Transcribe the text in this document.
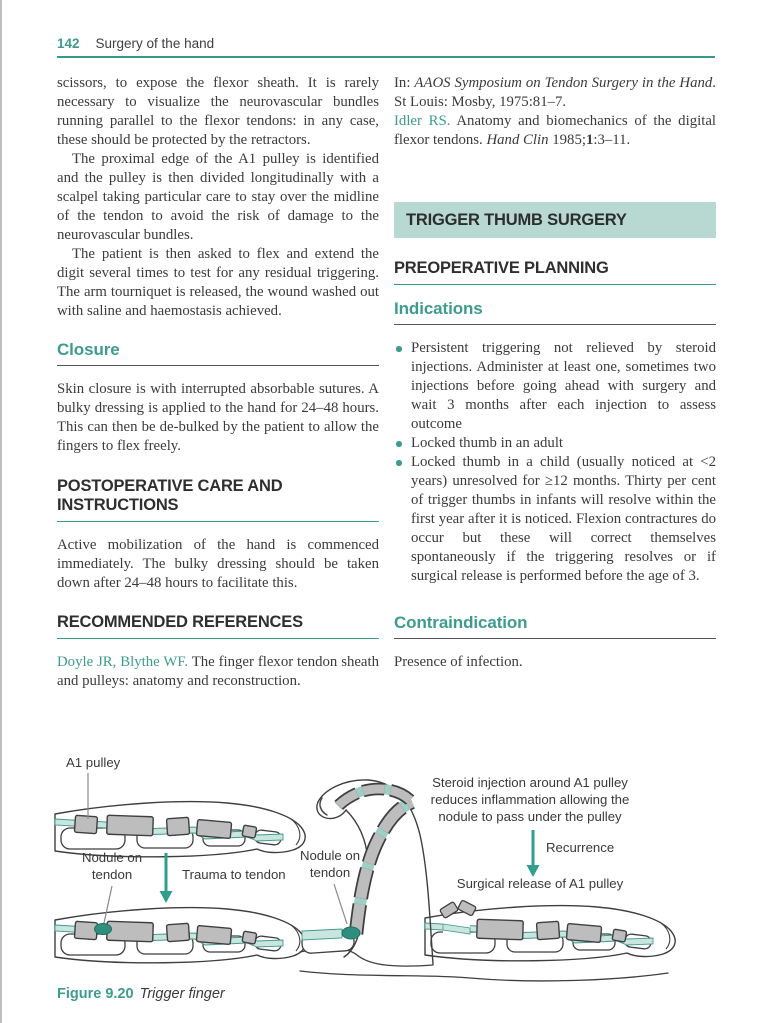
142 Surgery of the hand

scissors, to expose the flexor sheath. It is rarely necessary to visualize the neurovascular bundles running parallel to the flexor tendons: in any case, these should be protected by the retractors.

The proximal edge of the A1 pulley is identified and the pulley is then divided longitudinally with a scalpel taking particular care to stay over the midline of the tendon to avoid the risk of damage to the neurovascular bundles.

The patient is then asked to flex and extend the digit several times to test for any residual triggering. The arm tourniquet is released, the wound washed out with saline and haemostasis achieved.

Closure

Skin closure is with interrupted absorbable sutures. A bulky dressing is applied to the hand for 24–48 hours. This can then be de-bulked by the patient to allow the fingers to flex freely.

POSTOPERATIVE CARE AND INSTRUCTIONS

Active mobilization of the hand is commenced immediately. The bulky dressing should be taken down after 24–48 hours to facilitate this.

RECOMMENDED REFERENCES

Doyle JR, Blythe WF. The finger flexor tendon sheath and pulleys: anatomy and reconstruction.

In: AAOS Symposium on Tendon Surgery in the Hand. St Louis: Mosby, 1975:81–7.

Idler RS. Anatomy and biomechanics of the digital flexor tendons. Hand Clin 1985;1:3–11.

TRIGGER THUMB SURGERY
PREOPERATIVE PLANNING
Indications
Persistent triggering not relieved by steroid injections. Administer at least one, sometimes two injections before going ahead with surgery and wait 3 months after each injection to assess outcome
Locked thumb in an adult
Locked thumb in a child (usually noticed at <2 years) unresolved for ≥12 months. Thirty per cent of trigger thumbs in infants will resolve within the first year after it is noticed. Flexion contractures do occur but these will correct themselves spontaneously if the triggering resolves or if surgical release is performed before the age of 3.
Contraindication

Presence of infection.

A1 pulley
Nodule on
tendon	Trauma to tendon
Nodule on
tendon
Steroid injection around A1 pulley
reduces inflammation allowing the
nodule to pass under the pulley
Recurrence
Surgical release of A1 pulley
Figure 9.20 Trigger finger
